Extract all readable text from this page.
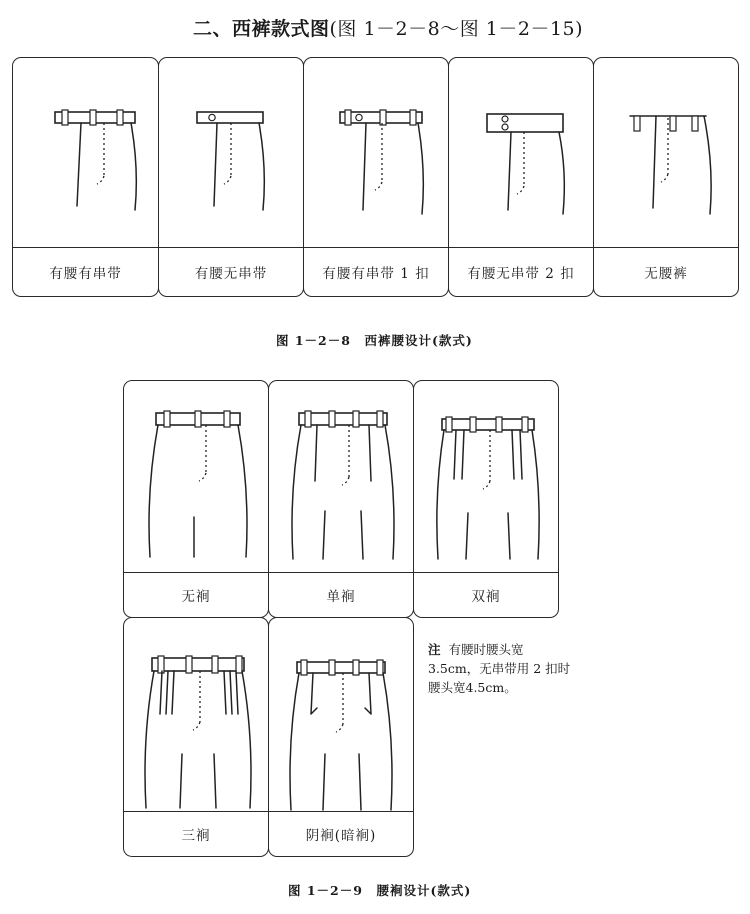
二、西裤款式图(图 1－2－8～图 1－2－15)
有腰有串带	有腰无串带	有腰有串带 1 扣	有腰无串带 2 扣	无腰裤
图 1－2－8　西裤腰设计(款式)
无裥	单裥	双裥
三裥	阴裥(暗裥)
注 有腰时腰头宽 3.5cm，无串带用 2 扣时腰头宽4.5cm。
图 1－2－9　腰裥设计(款式)
